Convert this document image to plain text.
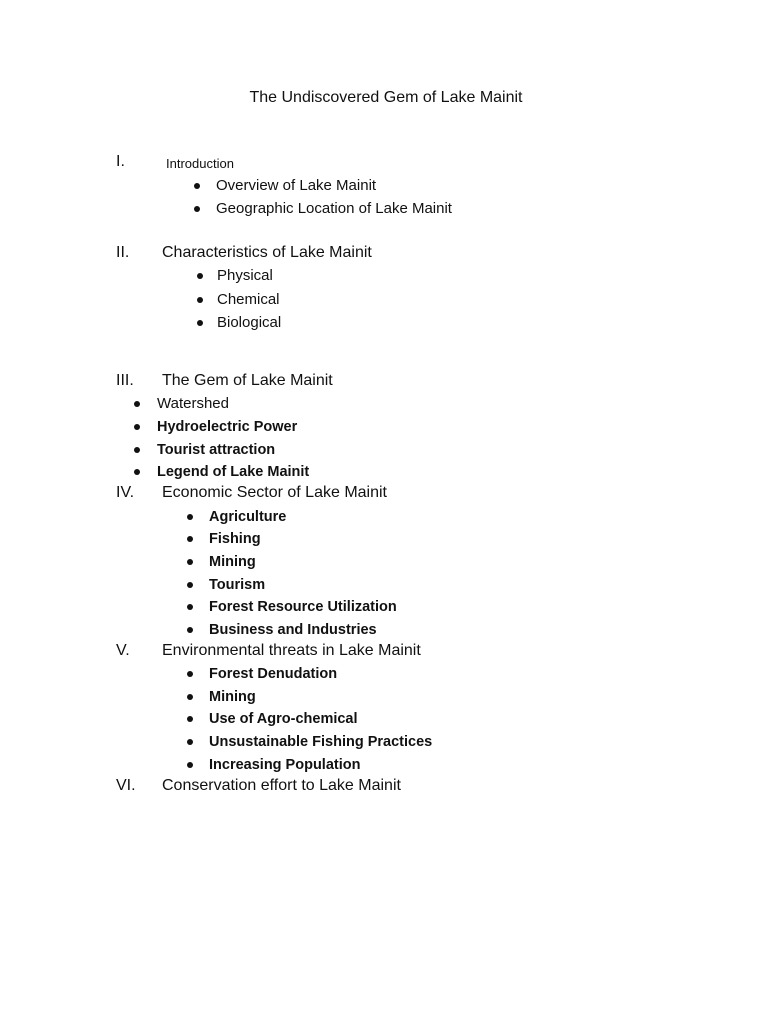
The Undiscovered Gem of Lake Mainit
I.	Introduction
Overview of Lake Mainit
Geographic Location of Lake Mainit
II. Characteristics of Lake Mainit
Physical
Chemical
Biological
III. The Gem of Lake Mainit
Watershed
Hydroelectric Power
Tourist attraction
Legend of Lake Mainit
IV. Economic Sector of Lake Mainit
Agriculture
Fishing
Mining
Tourism
Forest Resource Utilization
Business and Industries
V. Environmental threats in Lake Mainit
Forest Denudation
Mining
Use of Agro-chemical
Unsustainable Fishing Practices
Increasing Population
VI. Conservation effort to Lake Mainit
